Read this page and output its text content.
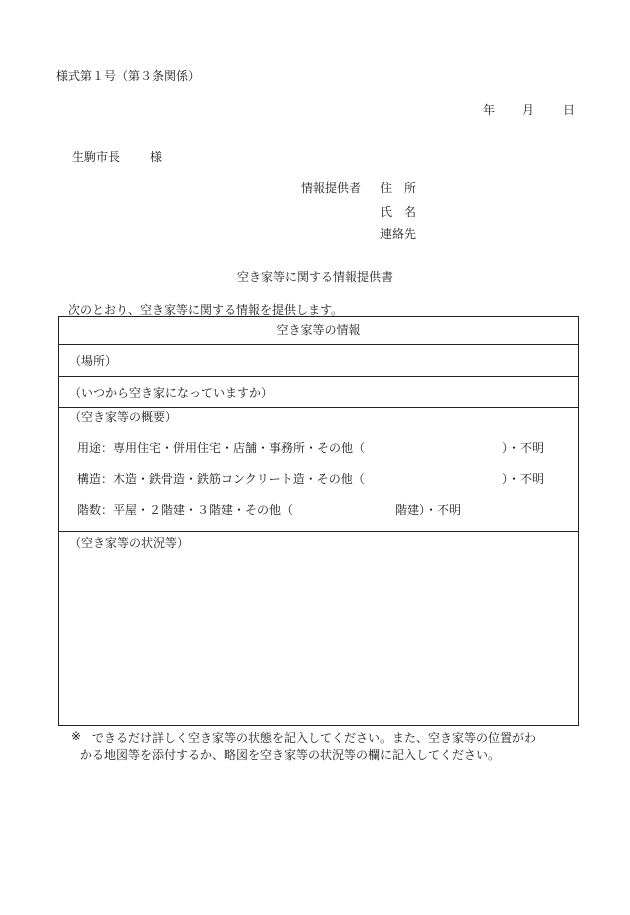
様式第１号（第３条関係）
年 月 日
生駒市長 様
情報提供者 住　所
氏　名
連絡先
空き家等に関する情報提供書
次のとおり、空き家等に関する情報を提供します。
空き家等の情報
（場所）
（いつから空き家になっていますか）
（空き家等の概要）
用途：専用住宅・併用住宅・店舗・事務所・その他（	）・不明
構造：木造・鉄骨造・鉄筋コンクリート造・その他（	）・不明
階数：平屋・２階建・３階建・その他（	階建）・不明
（空き家等の状況等）
※ できるだけ詳しく空き家等の状態を記入してください。また、空き家等の位置がわ
かる地図等を添付するか、略図を空き家等の状況等の欄に記入してください。
